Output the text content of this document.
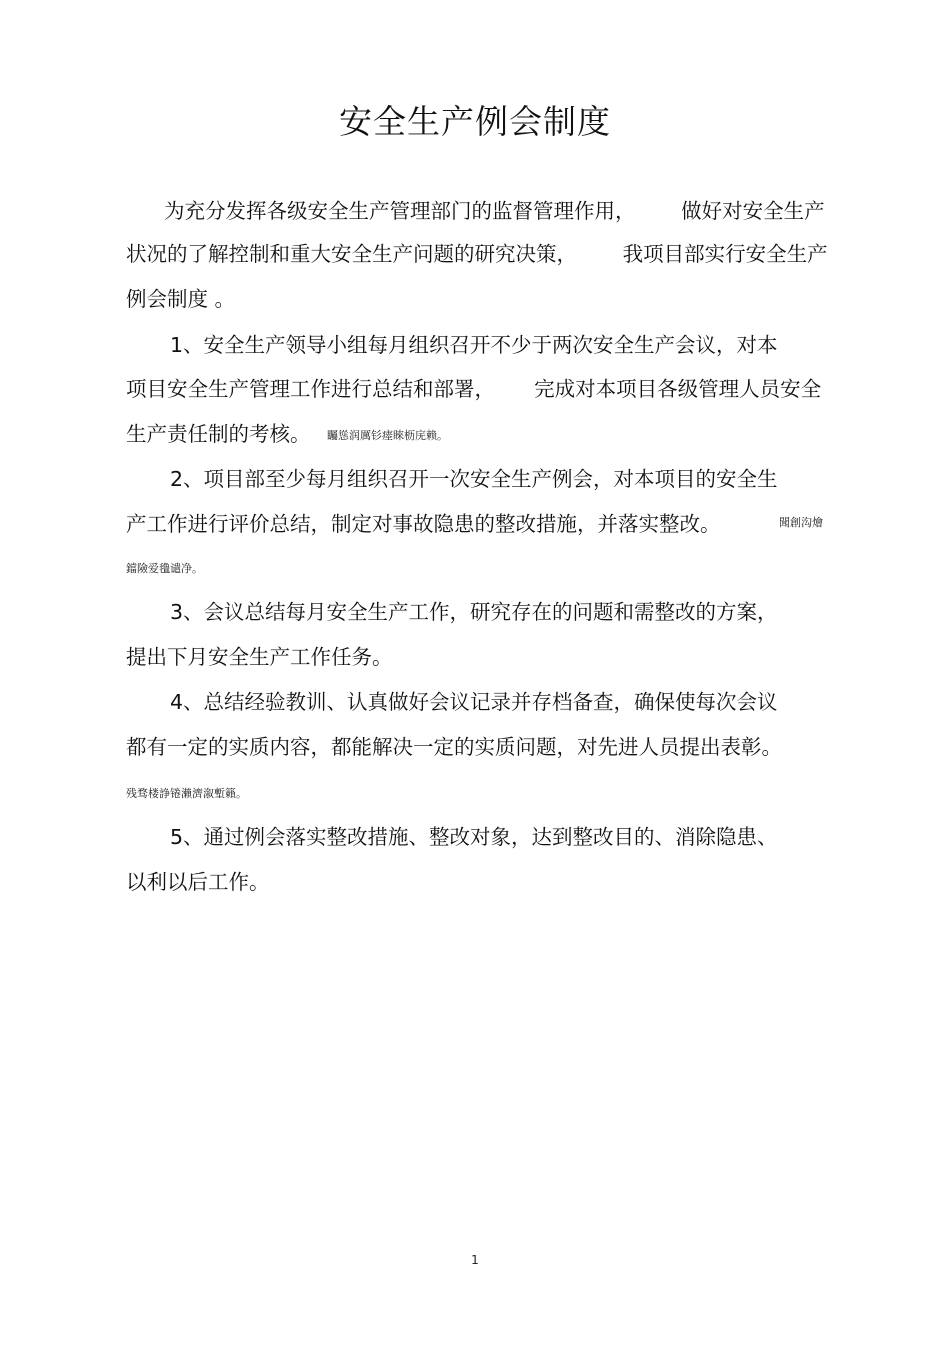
安全生产例会制度
为充分发挥各级安全生产管理部门的监督管理作用，       做好对安全生产
状况的了解控制和重大安全生产问题的研究决策，       我项目部实行安全生产
例会制度 。
1、安全生产领导小组每月组织召开不少于两次安全生产会议，对本
项目安全生产管理工作进行总结和部署，      完成对本项目各级管理人员安全
生产责任制的考核。 矚慫润厲钐瘗睞枥庑赖。
2、项目部至少每月组织召开一次安全生产例会，对本项目的安全生
产工作进行评价总结，制定对事故隐患的整改措施，并落实整改。	聞創沟燴
鐺險爱氇谴净。
3、会议总结每月安全生产工作，研究存在的问题和需整改的方案，
提出下月安全生产工作任务。
4、总结经验教训、认真做好会议记录并存档备查，确保使每次会议
都有一定的实质内容，都能解决一定的实质问题，对先进人员提出表彰。
残骛楼諍锩瀨濟溆塹籟。
5、通过例会落实整改措施、整改对象，达到整改目的、消除隐患、
以利以后工作。
1
